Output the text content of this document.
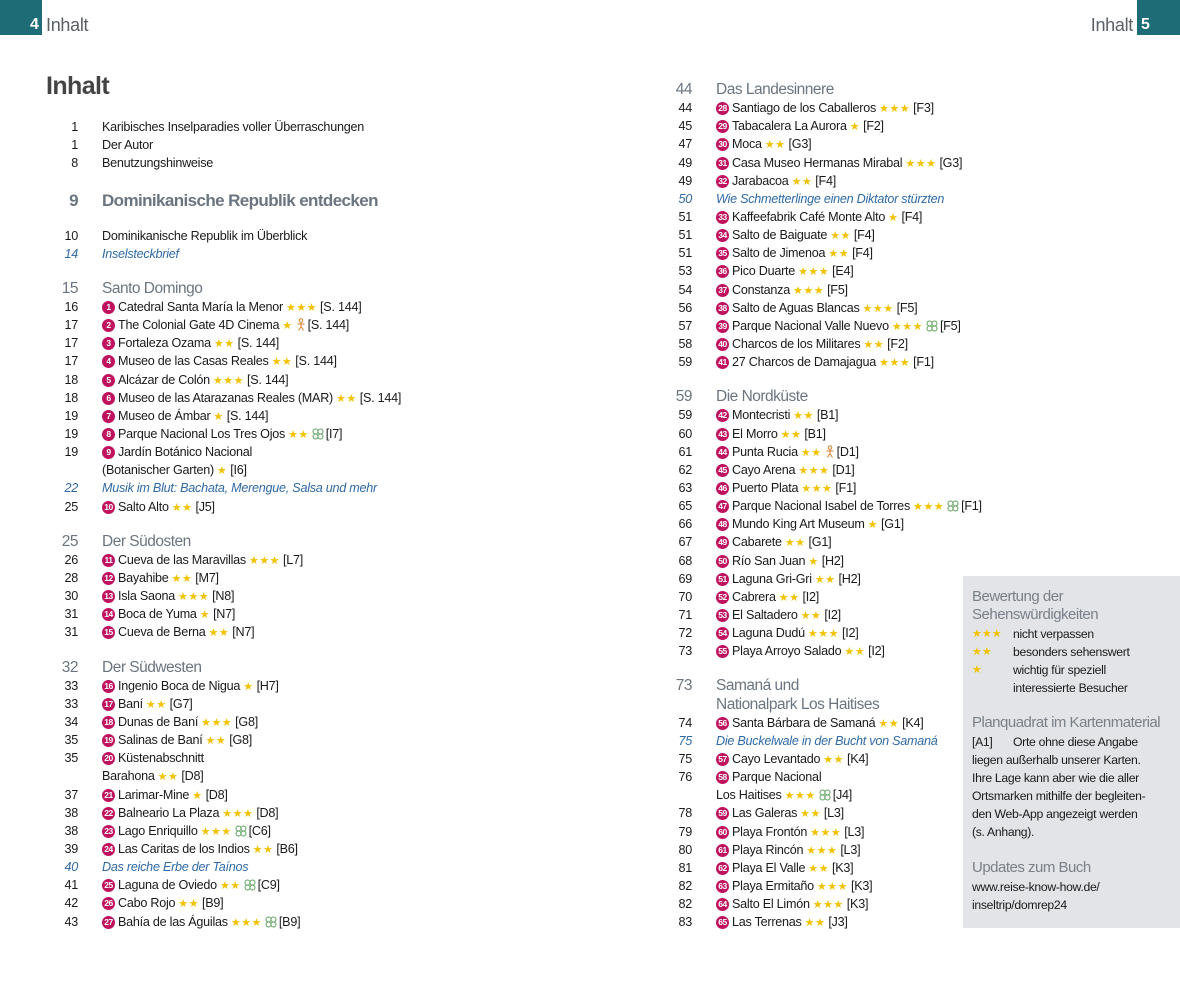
4 Inhalt	Inhalt 5
Inhalt
1 Karibisches Inselparadies voller Überraschungen
1 Der Autor
8 Benutzungshinweise
9 Dominikanische Republik entdecken
10 Dominikanische Republik im Überblick
14 Inselsteckbrief
15 Santo Domingo
16	1 Catedral Santa María la Menor ★★★ [S. 144]
17	2 The Colonial Gate 4D Cinema ★ [S. 144]
17	3 Fortaleza Ozama ★★ [S. 144]
17	4 Museo de las Casas Reales ★★ [S. 144]
18	5 Alcázar de Colón ★★★ [S. 144]
18	6 Museo de las Atarazanas Reales (MAR) ★★ [S. 144]
19	7 Museo de Ámbar ★ [S. 144]
19	8 Parque Nacional Los Tres Ojos ★★ [I7]
19	9 Jardín Botánico Nacional
(Botanischer Garten) ★ [I6]
22 Musik im Blut: Bachata, Merengue, Salsa und mehr
25	10 Salto Alto ★★ [J5]
25 Der Südosten
26	11 Cueva de las Maravillas ★★★ [L7]
28	12 Bayahibe ★★ [M7]
30	13 Isla Saona ★★★ [N8]
31	14 Boca de Yuma ★ [N7]
31	15 Cueva de Berna ★★ [N7]
32 Der Südwesten
33	16 Ingenio Boca de Nigua ★ [H7]
33	17 Baní ★★ [G7]
34	18 Dunas de Baní ★★★ [G8]
35	19 Salinas de Baní ★★ [G8]
35	20 Küstenabschnitt
Barahona ★★ [D8]
37	21 Larimar-Mine ★ [D8]
38	22 Balneario La Plaza ★★★ [D8]
38	23 Lago Enriquillo ★★★ [C6]
39	24 Las Caritas de los Indios ★★ [B6]
40 Das reiche Erbe der Taínos
41	25 Laguna de Oviedo ★★ [C9]
42	26 Cabo Rojo ★★ [B9]
43	27 Bahía de las Águilas ★★★ [B9]
44 Das Landesinnere
44	28 Santiago de los Caballeros ★★★ [F3]
45	29 Tabacalera La Aurora ★ [F2]
47	30 Moca ★★ [G3]
49	31 Casa Museo Hermanas Mirabal ★★★ [G3]
49	32 Jarabacoa ★★ [F4]
50 Wie Schmetterlinge einen Diktator stürzten
51	33 Kaffeefabrik Café Monte Alto ★ [F4]
51	34 Salto de Baiguate ★★ [F4]
51	35 Salto de Jimenoa ★★ [F4]
53	36 Pico Duarte ★★★ [E4]
54	37 Constanza ★★★ [F5]
56	38 Salto de Aguas Blancas ★★★ [F5]
57	39 Parque Nacional Valle Nuevo ★★★ [F5]
58	40 Charcos de los Militares ★★ [F2]
59	41 27 Charcos de Damajagua ★★★ [F1]
59 Die Nordküste
59	42 Montecristi ★★ [B1]
60	43 El Morro ★★ [B1]
61	44 Punta Rucia ★★ [D1]
62	45 Cayo Arena ★★★ [D1]
63	46 Puerto Plata ★★★ [F1]
65	47 Parque Nacional Isabel de Torres ★★★ [F1]
66	48 Mundo King Art Museum ★ [G1]
67	49 Cabarete ★★ [G1]
68	50 Río San Juan ★ [H2]
69	51 Laguna Gri-Gri ★★ [H2]
70	52 Cabrera ★★ [I2]
71	53 El Saltadero ★★ [I2]
72	54 Laguna Dudú ★★★ [I2]
73	55 Playa Arroyo Salado ★★ [I2]
73 Samaná und
Nationalpark Los Haitises
74	56 Santa Bárbara de Samaná ★★ [K4]
75 Die Buckelwale in der Bucht von Samaná
75	57 Cayo Levantado ★★ [K4]
76	58 Parque Nacional
Los Haitises ★★★ [J4]
78	59 Las Galeras ★★ [L3]
79	60 Playa Frontón ★★★ [L3]
80	61 Playa Rincón ★★★ [L3]
81	62 Playa El Valle ★★ [K3]
82	63 Playa Ermitaño ★★★ [K3]
82	64 Salto El Limón ★★★ [K3]
83	65 Las Terrenas ★★ [J3]
Bewertung der
Sehenswürdigkeiten
★★★ nicht verpassen
★★ besonders sehenswert
★	wichtig für speziell
interessierte Besucher
Planquadrat im Kartenmaterial
[A1] Orte ohne diese Angabe
liegen außerhalb unserer Karten.
Ihre Lage kann aber wie die aller
Ortsmarken mithilfe der begleiten-
den Web-App angezeigt werden
(s. Anhang).
Updates zum Buch
www.reise-know-how.de/
inseltrip/domrep24
